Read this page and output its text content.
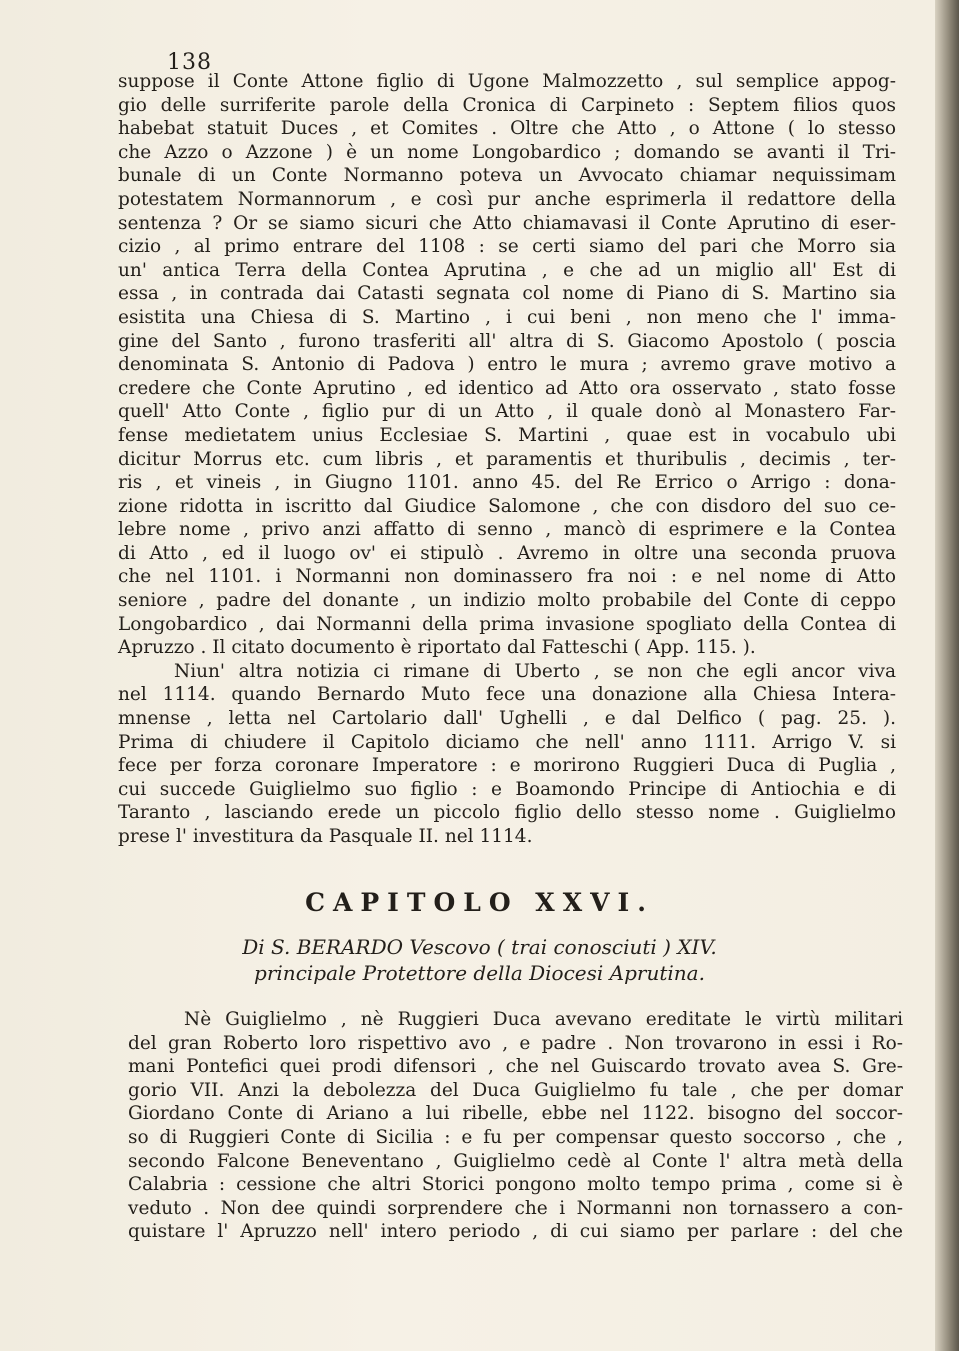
138
suppose il Conte Attone figlio di Ugone Malmozzetto , sul semplice appog-
gio delle surriferite parole della Cronica di Carpineto : Septem filios quos
habebat statuit Duces , et Comites . Oltre che Atto , o Attone ( lo stesso
che Azzo o Azzone ) è un nome Longobardico ; domando se avanti il Tri-
bunale di un Conte Normanno poteva un Avvocato chiamar nequissimam
potestatem Normannorum , e così pur anche esprimerla il redattore della
sentenza ? Or se siamo sicuri che Atto chiamavasi il Conte Aprutino di eser-
cizio , al primo entrare del 1108 : se certi siamo del pari che Morro sia
un' antica Terra della Contea Aprutina , e che ad un miglio all' Est di
essa , in contrada dai Catasti segnata col nome di Piano di S. Martino sia
esistita una Chiesa di S. Martino , i cui beni , non meno che l' imma-
gine del Santo , furono trasferiti all' altra di S. Giacomo Apostolo ( poscia
denominata S. Antonio di Padova ) entro le mura ; avremo grave motivo a
credere che Conte Aprutino , ed identico ad Atto ora osservato , stato fosse
quell' Atto Conte , figlio pur di un Atto , il quale donò al Monastero Far-
fense medietatem unius Ecclesiae S. Martini , quae est in vocabulo ubi
dicitur Morrus etc. cum libris , et paramentis et thuribulis , decimis , ter-
ris , et vineis , in Giugno 1101. anno 45. del Re Errico o Arrigo : dona-
zione ridotta in iscritto dal Giudice Salomone , che con disdoro del suo ce-
lebre nome , privo anzi affatto di senno , mancò di esprimere e la Contea
di Atto , ed il luogo ov' ei stipulò . Avremo in oltre una seconda pruova
che nel 1101. i Normanni non dominassero fra noi : e nel nome di Atto
seniore , padre del donante , un indizio molto probabile del Conte di ceppo
Longobardico , dai Normanni della prima invasione spogliato della Contea di
Apruzzo . Il citato documento è riportato dal Fatteschi ( App. 115. ).
Niun' altra notizia ci rimane di Uberto , se non che egli ancor viva
nel 1114. quando Bernardo Muto fece una donazione alla Chiesa Intera-
mnense , letta nel Cartolario dall' Ughelli , e dal Delfico ( pag. 25. ).
Prima di chiudere il Capitolo diciamo che nell' anno 1111. Arrigo V. si
fece per forza coronare Imperatore : e morirono Ruggieri Duca di Puglia ,
cui succede Guiglielmo suo figlio : e Boamondo Principe di Antiochia e di
Taranto , lasciando erede un piccolo figlio dello stesso nome . Guiglielmo
prese l' investitura da Pasquale II. nel 1114.
CAPITOLO XXVI.
Di S. BERARDO Vescovo ( trai conosciuti ) XIV.
principale Protettore della Diocesi Aprutina.
Nè Guiglielmo , nè Ruggieri Duca avevano ereditate le virtù militari
del gran Roberto loro rispettivo avo , e padre . Non trovarono in essi i Ro-
mani Pontefici quei prodi difensori , che nel Guiscardo trovato avea S. Gre-
gorio VII. Anzi la debolezza del Duca Guiglielmo fu tale , che per domar
Giordano Conte di Ariano a lui ribelle, ebbe nel 1122. bisogno del soccor-
so di Ruggieri Conte di Sicilia : e fu per compensar questo soccorso , che ,
secondo Falcone Beneventano , Guiglielmo cedè al Conte l' altra metà della
Calabria : cessione che altri Storici pongono molto tempo prima , come si è
veduto . Non dee quindi sorprendere che i Normanni non tornassero a con-
quistare l' Apruzzo nell' intero periodo , di cui siamo per parlare : del che
